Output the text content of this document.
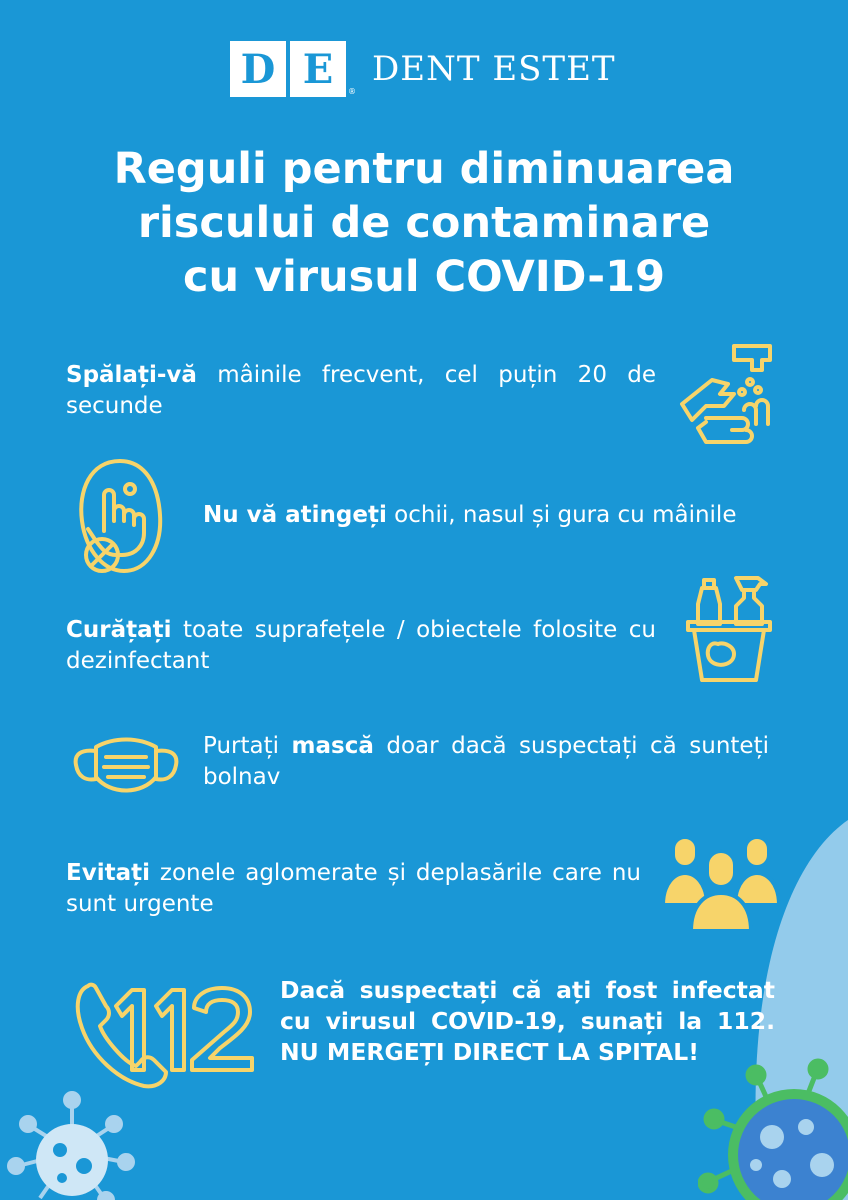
D E	®
DENT ESTET
Reguli pentru diminuarea
riscului de contaminare
cu virusul COVID-19
Spălați-vă mâinile frecvent, cel puțin 20 de secunde
Nu vă atingeți ochii, nasul și gura cu mâinile
Curățați toate suprafețele / obiectele folosite cu dezinfectant
Purtați mască doar dacă suspectați că sunteți bolnav
Evitați zonele aglomerate și deplasările care nu sunt urgente
Dacă suspectați că ați fost infectat
cu virusul COVID-19, sunați la 112.
NU MERGEȚI DIRECT LA SPITAL!
